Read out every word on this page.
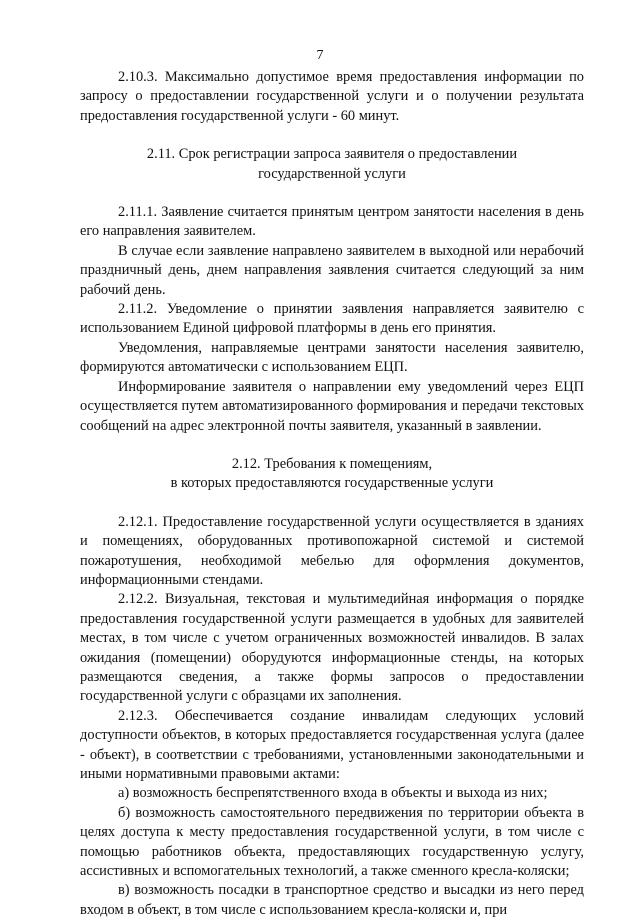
7

2.10.3. Максимально допустимое время предоставления информации по запросу о предоставлении государственной услуги и о получении результата предоставления государственной услуги - 60 минут.

2.11. Срок регистрации запроса заявителя о предоставлении
государственной услуги

2.11.1. Заявление считается принятым центром занятости населения в день его направления заявителем.

В случае если заявление направлено заявителем в выходной или нерабочий праздничный день, днем направления заявления считается следующий за ним рабочий день.

2.11.2. Уведомление о принятии заявления направляется заявителю с использованием Единой цифровой платформы в день его принятия.

Уведомления, направляемые центрами занятости населения заявителю, формируются автоматически с использованием ЕЦП.

Информирование заявителя о направлении ему уведомлений через ЕЦП осуществляется путем автоматизированного формирования и передачи текстовых сообщений на адрес электронной почты заявителя, указанный в заявлении.

2.12. Требования к помещениям,
в которых предоставляются государственные услуги

2.12.1. Предоставление государственной услуги осуществляется в зданиях и помещениях, оборудованных противопожарной системой и системой пожаротушения, необходимой мебелью для оформления документов, информационными стендами.

2.12.2. Визуальная, текстовая и мультимедийная информация о порядке предоставления государственной услуги размещается в удобных для заявителей местах, в том числе с учетом ограниченных возможностей инвалидов. В залах ожидания (помещении) оборудуются информационные стенды, на которых размещаются сведения, а также формы запросов о предоставлении государственной услуги с образцами их заполнения.

2.12.3. Обеспечивается создание инвалидам следующих условий доступности объектов, в которых предоставляется государственная услуга (далее - объект), в соответствии с требованиями, установленными законодательными и иными нормативными правовыми актами:

а) возможность беспрепятственного входа в объекты и выхода из них;

б) возможность самостоятельного передвижения по территории объекта в целях доступа к месту предоставления государственной услуги, в том числе с помощью работников объекта, предоставляющих государственную услугу, ассистивных и вспомогательных технологий, а также сменного кресла-коляски;

в) возможность посадки в транспортное средство и высадки из него перед входом в объект, в том числе с использованием кресла-коляски и, при
